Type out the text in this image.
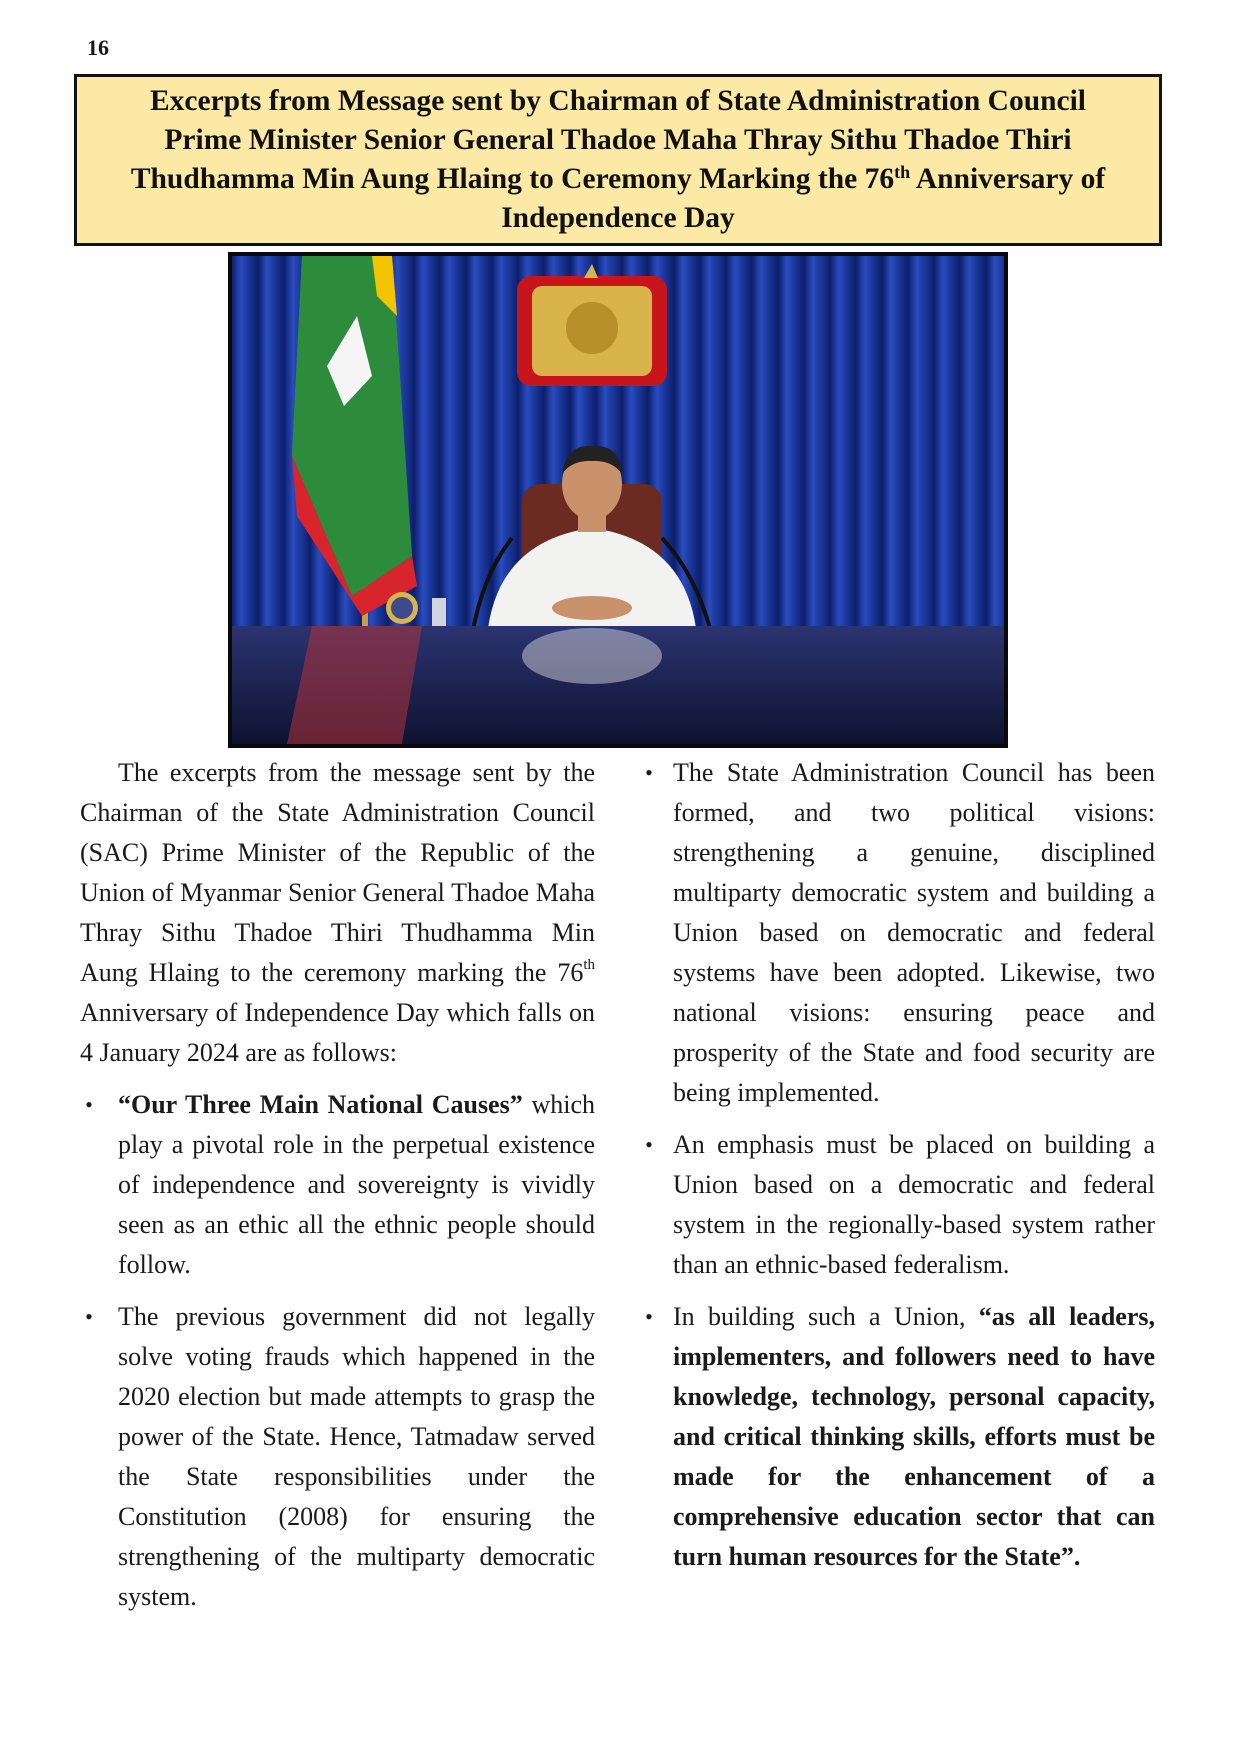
16
Excerpts from Message sent by Chairman of State Administration Council
Prime Minister Senior General Thadoe Maha Thray Sithu Thadoe Thiri
Thudhamma Min Aung Hlaing to Ceremony Marking the 76th Anniversary of
Independence Day

The excerpts from the message sent by the Chairman of the State Administration Council (SAC) Prime Minister of the Republic of the Union of Myanmar Senior General Thadoe Maha Thray Sithu Thadoe Thiri Thudhamma Min Aung Hlaing to the ceremony marking the 76th Anniversary of Independence Day which falls on 4 January 2024 are as follows:

• “Our Three Main National Causes” which play a pivotal role in the perpetual existence of independence and sovereignty is vividly seen as an ethic all the ethnic people should follow.
• The previous government did not legally solve voting frauds which happened in the 2020 election but made attempts to grasp the power of the State. Hence, Tatmadaw served the State responsibilities under the Constitution (2008) for ensuring the strengthening of the multiparty democratic system.
• The State Administration Council has been formed, and two political visions: strengthening a genuine, disciplined multiparty democratic system and building a Union based on democratic and federal systems have been adopted. Likewise, two national visions: ensuring peace and prosperity of the State and food security are being implemented.
• An emphasis must be placed on building a Union based on a democratic and federal system in the regionally-based system rather than an ethnic-based federalism.
• In building such a Union, “as all leaders, implementers, and followers need to have knowledge, technology, personal capacity, and critical thinking skills, efforts must be made for the enhancement of a comprehensive education sector that can turn human resources for the State”.
